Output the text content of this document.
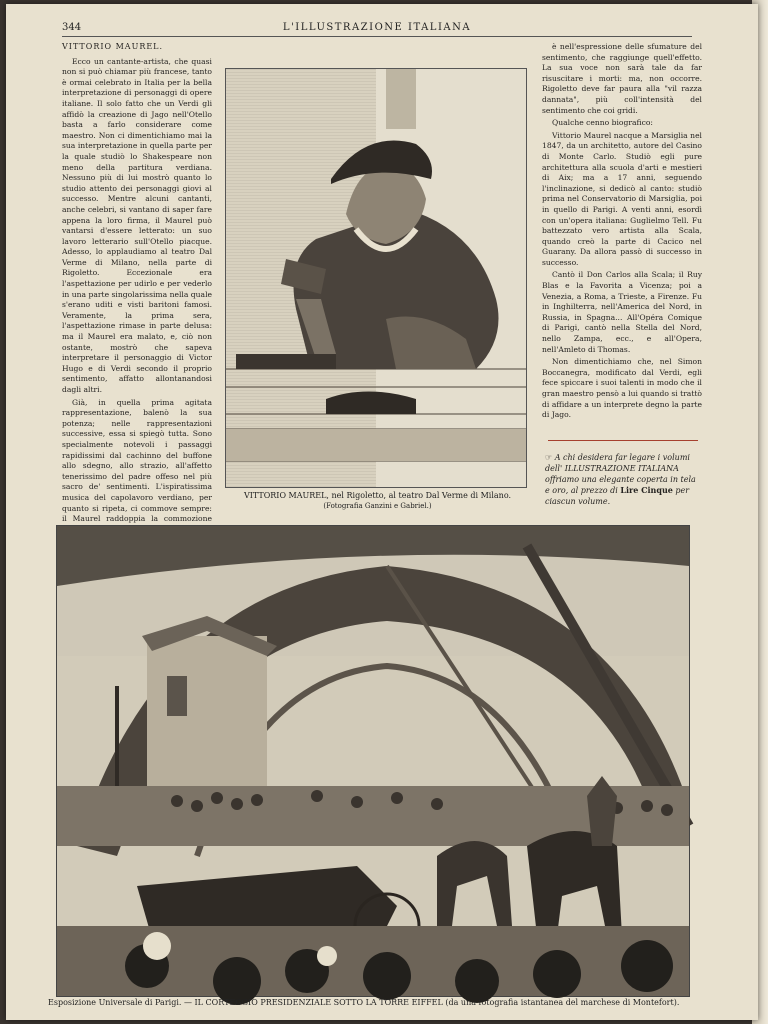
344	L'ILLUSTRAZIONE ITALIANA

VITTORIO MAUREL.

Ecco un cantante-artista, che quasi non si può chiamar più francese, tanto è ormai celebrato in Italia per la bella interpretazione di personaggi di opere italiane. Il solo fatto che un Verdi gli affidò la creazione di Jago nell'Otello basta a farlo considerare come maestro. Non ci dimentichiamo mai la sua interpretazione in quella parte per la quale studiò lo Shakespeare non meno della partitura verdiana. Nessuno più di lui mostrò quanto lo studio attento dei personaggi giovi al successo. Mentre alcuni cantanti, anche celebri, si vantano di saper fare appena la loro firma, il Maurel può vantarsi d'essere letterato: un suo lavoro letterario sull'Otello piacque. Adesso, lo applaudiamo al teatro Dal Verme di Milano, nella parte di Rigoletto. Eccezionale era l'aspettazione per udirlo e per vederlo in una parte singolarissima nella quale s'erano uditi e visti baritoni famosi. Veramente, la prima sera, l'aspettazione rimase in parte delusa: ma il Maurel era malato, e, ciò non ostante, mostrò che sapeva interpretare il personaggio di Victor Hugo e di Verdi secondo il proprio sentimento, affatto allontanandosi dagli altri.

Già, in quella prima agitata rappresentazione, balenò la sua potenza; nelle rappresentazioni successive, essa si spiegò tutta. Sono specialmente notevoli i passaggi rapidissimi dal cachinno del buffone allo sdegno, allo strazio, all'affetto tenerissimo del padre offeso nel più sacro de' sentimenti. L'ispiratissima musica del capolavoro verdiano, per quanto si ripeta, ci commove sempre: il Maurel raddoppia la commozione

VITTORIO MAUREL, nel Rigoletto, al teatro Dal Verme di Milano.
(Fotografia Ganzini e Gabriel.)

è nell'espressione delle sfumature del sentimento, che raggiunge quell'effetto. La sua voce non sarà tale da far risuscitare i morti: ma, non occorre. Rigoletto deve far paura alla "vil razza dannata", più coll'intensità del sentimento che coi gridi.

Qualche cenno biografico:

Vittorio Maurel nacque a Marsiglia nel 1847, da un architetto, autore del Casino di Monte Carlo. Studiò egli pure architettura alla scuola d'arti e mestieri di Aix; ma a 17 anni, seguendo l'inclinazione, si dedicò al canto: studiò prima nel Conservatorio di Marsiglia, poi in quello di Parigi. A venti anni, esordì con un'opera italiana: Guglielmo Tell. Fu battezzato vero artista alla Scala, quando creò la parte di Cacico nel Guarany. Da allora passò di successo in successo.

Cantò il Don Carlos alla Scala; il Ruy Blas e la Favorita a Vicenza; poi a Venezia, a Roma, a Trieste, a Firenze. Fu in Inghilterra, nell'America del Nord, in Russia, in Spagna... All'Opéra Comique di Parigi, cantò nella Stella del Nord, nello Zampa, ecc., e all'Opera, nell'Amleto di Thomas.

Non dimentichiamo che, nel Simon Boccanegra, modificato dal Verdi, egli fece spiccare i suoi talenti in modo che il gran maestro pensò a lui quando si trattò di affidare a un interprete degno la parte di Jago.

☞ A chi desidera far legare i volumi dell' ILLUSTRAZIONE ITALIANA offriamo una elegante coperta in tela e oro, al prezzo di Lire Cinque per ciascun volume.
Esposizione Universale di Parigi. — IL CORTEGGIO PRESIDENZIALE SOTTO LA TORRE EIFFEL (da una fotografia istantanea del marchese di Montefort).
